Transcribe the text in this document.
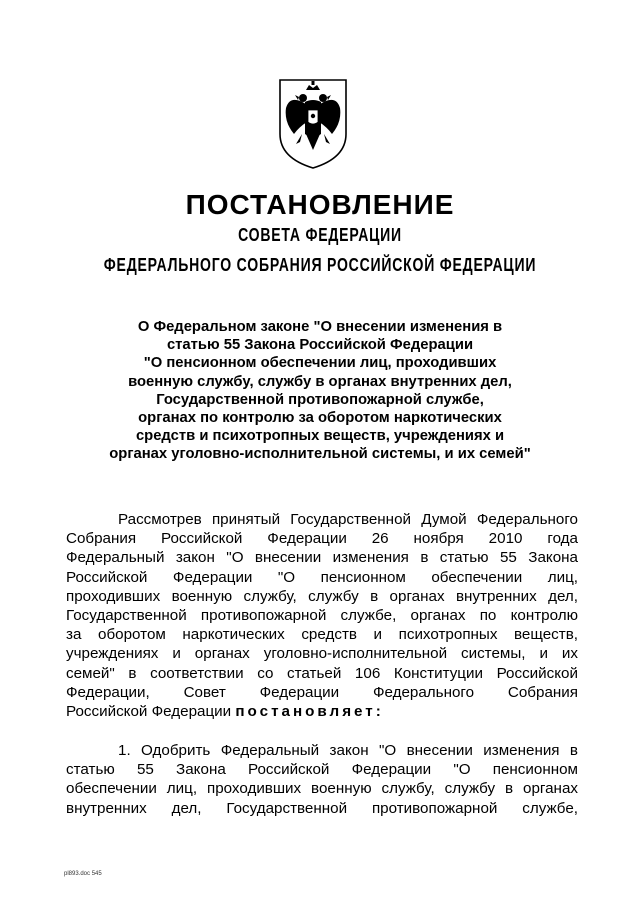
ПОСТАНОВЛЕНИЕ
СОВЕТА ФЕДЕРАЦИИ
ФЕДЕРАЛЬНОГО СОБРАНИЯ РОССИЙСКОЙ ФЕДЕРАЦИИ
О Федеральном законе "О внесении изменения в
статью 55 Закона Российской Федерации
"О пенсионном обеспечении лиц, проходивших
военную службу, службу в органах внутренних дел,
Государственной противопожарной службе,
органах по контролю за оборотом наркотических
средств и психотропных веществ, учреждениях и
органах уголовно-исполнительной системы, и их семей"
Рассмотрев принятый Государственной Думой Федерального
Собрания Российской Федерации 26 ноября 2010 года
Федеральный закон "О внесении изменения в статью 55 Закона
Российской Федерации "О пенсионном обеспечении лиц,
проходивших военную службу, службу в органах внутренних дел,
Государственной противопожарной службе, органах по контролю
за оборотом наркотических средств и психотропных веществ,
учреждениях и органах уголовно-исполнительной системы, и их
семей" в соответствии со статьей 106 Конституции Российской
Федерации, Совет Федерации Федерального Собрания
Российской Федерации постановляет:
1. Одобрить Федеральный закон "О внесении изменения в
статью 55 Закона Российской Федерации "О пенсионном
обеспечении лиц, проходивших военную службу, службу в органах
внутренних дел, Государственной противопожарной службе,
pl893.doc 545
